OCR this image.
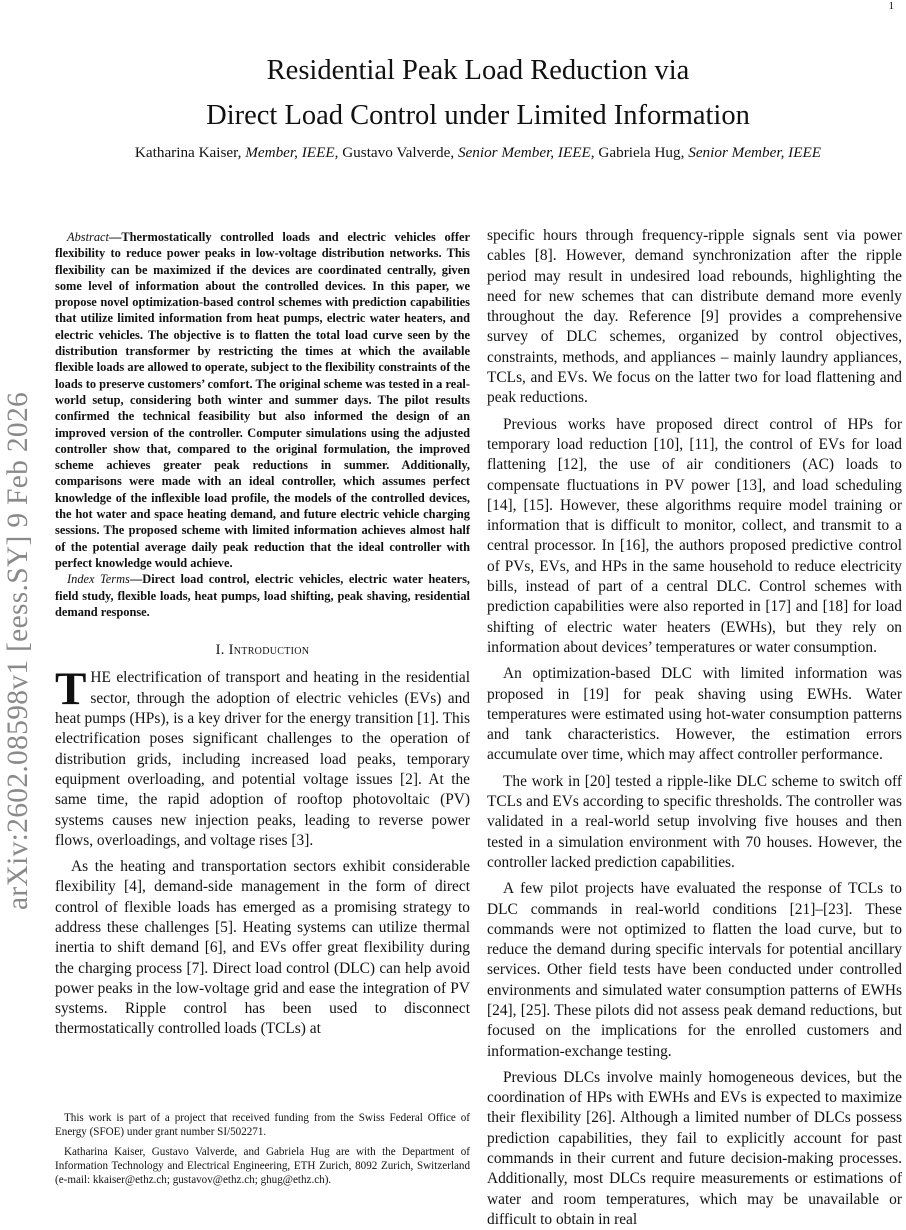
1
arXiv:2602.08598v1 [eess.SY] 9 Feb 2026
Residential Peak Load Reduction via
Direct Load Control under Limited Information
Katharina Kaiser, Member, IEEE, Gustavo Valverde, Senior Member, IEEE, Gabriela Hug, Senior Member, IEEE

Abstract—Thermostatically controlled loads and electric vehicles offer flexibility to reduce power peaks in low-voltage distribution networks. This flexibility can be maximized if the devices are coordinated centrally, given some level of information about the controlled devices. In this paper, we propose novel optimization-based control schemes with prediction capabilities that utilize limited information from heat pumps, electric water heaters, and electric vehicles. The objective is to flatten the total load curve seen by the distribution transformer by restricting the times at which the available flexible loads are allowed to operate, subject to the flexibility constraints of the loads to preserve customers’ comfort. The original scheme was tested in a real-world setup, considering both winter and summer days. The pilot results confirmed the technical feasibility but also informed the design of an improved version of the controller. Computer simulations using the adjusted controller show that, compared to the original formulation, the improved scheme achieves greater peak reductions in summer. Additionally, comparisons were made with an ideal controller, which assumes perfect knowledge of the inflexible load profile, the models of the controlled devices, the hot water and space heating demand, and future electric vehicle charging sessions. The proposed scheme with limited information achieves almost half of the potential average daily peak reduction that the ideal controller with perfect knowledge would achieve.

Index Terms—Direct load control, electric vehicles, electric water heaters, field study, flexible loads, heat pumps, load shifting, peak shaving, residential demand response.

I. Introduction

THE electrification of transport and heating in the residential sector, through the adoption of electric vehicles (EVs) and heat pumps (HPs), is a key driver for the energy transition [1]. This electrification poses significant challenges to the operation of distribution grids, including increased load peaks, temporary equipment overloading, and potential voltage issues [2]. At the same time, the rapid adoption of rooftop photovoltaic (PV) systems causes new injection peaks, leading to reverse power flows, overloadings, and voltage rises [3].

As the heating and transportation sectors exhibit considerable flexibility [4], demand-side management in the form of direct control of flexible loads has emerged as a promising strategy to address these challenges [5]. Heating systems can utilize thermal inertia to shift demand [6], and EVs offer great flexibility during the charging process [7]. Direct load control (DLC) can help avoid power peaks in the low-voltage grid and ease the integration of PV systems. Ripple control has been used to disconnect thermostatically controlled loads (TCLs) at

This work is part of a project that received funding from the Swiss Federal Office of Energy (SFOE) under grant number SI/502271.

Katharina Kaiser, Gustavo Valverde, and Gabriela Hug are with the Department of Information Technology and Electrical Engineering, ETH Zurich, 8092 Zurich, Switzerland (e-mail: kkaiser@ethz.ch; gustavov@ethz.ch; ghug@ethz.ch).

specific hours through frequency-ripple signals sent via power cables [8]. However, demand synchronization after the ripple period may result in undesired load rebounds, highlighting the need for new schemes that can distribute demand more evenly throughout the day. Reference [9] provides a comprehensive survey of DLC schemes, organized by control objectives, constraints, methods, and appliances – mainly laundry appliances, TCLs, and EVs. We focus on the latter two for load flattening and peak reductions.

Previous works have proposed direct control of HPs for temporary load reduction [10], [11], the control of EVs for load flattening [12], the use of air conditioners (AC) loads to compensate fluctuations in PV power [13], and load scheduling [14], [15]. However, these algorithms require model training or information that is difficult to monitor, collect, and transmit to a central processor. In [16], the authors proposed predictive control of PVs, EVs, and HPs in the same household to reduce electricity bills, instead of part of a central DLC. Control schemes with prediction capabilities were also reported in [17] and [18] for load shifting of electric water heaters (EWHs), but they rely on information about devices’ temperatures or water consumption.

An optimization-based DLC with limited information was proposed in [19] for peak shaving using EWHs. Water temperatures were estimated using hot-water consumption patterns and tank characteristics. However, the estimation errors accumulate over time, which may affect controller performance.

The work in [20] tested a ripple-like DLC scheme to switch off TCLs and EVs according to specific thresholds. The controller was validated in a real-world setup involving five houses and then tested in a simulation environment with 70 houses. However, the controller lacked prediction capabilities.

A few pilot projects have evaluated the response of TCLs to DLC commands in real-world conditions [21]–[23]. These commands were not optimized to flatten the load curve, but to reduce the demand during specific intervals for potential ancillary services. Other field tests have been conducted under controlled environments and simulated water consumption patterns of EWHs [24], [25]. These pilots did not assess peak demand reductions, but focused on the implications for the enrolled customers and information-exchange testing.

Previous DLCs involve mainly homogeneous devices, but the coordination of HPs with EWHs and EVs is expected to maximize their flexibility [26]. Although a limited number of DLCs possess prediction capabilities, they fail to explicitly account for past commands in their current and future decision-making processes. Additionally, most DLCs require measurements or estimations of water and room temperatures, which may be unavailable or difficult to obtain in real
